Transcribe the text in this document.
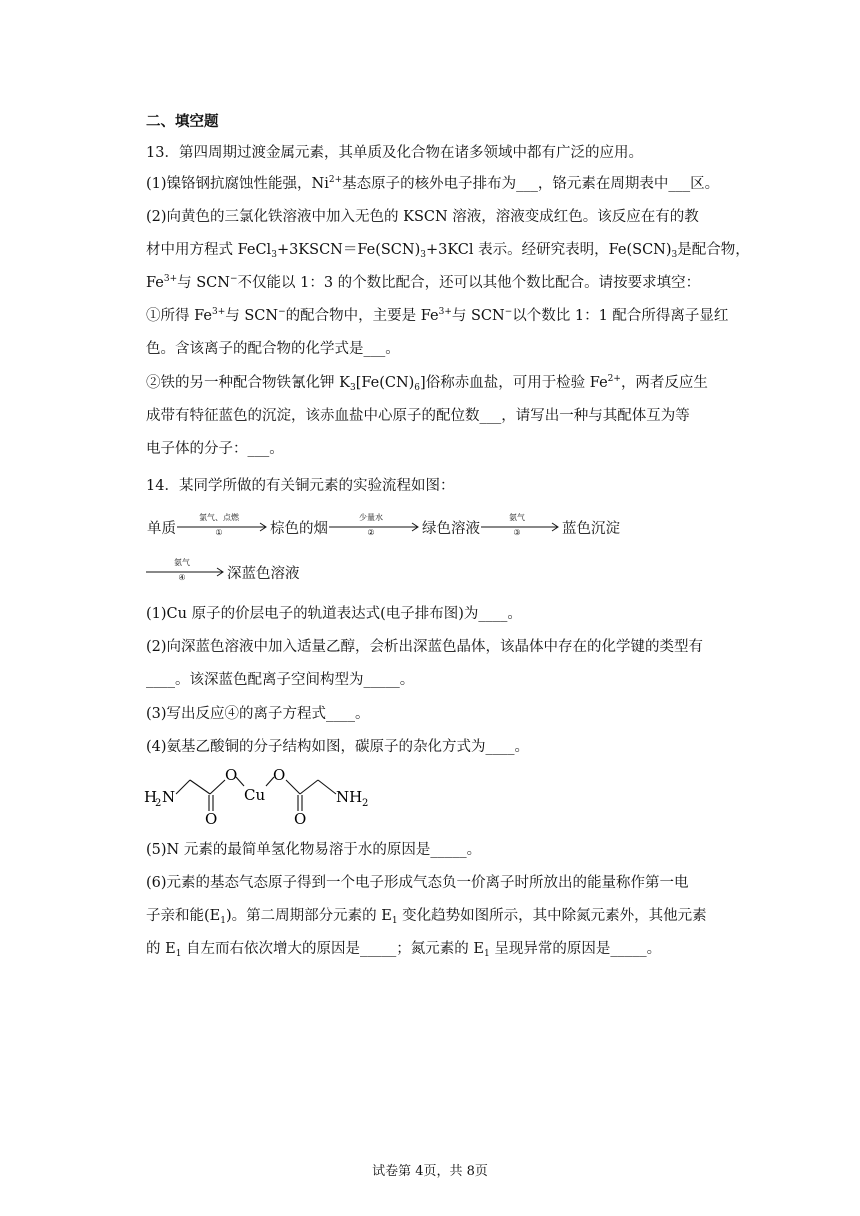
二、填空题
13．第四周期过渡金属元素，其单质及化合物在诸多领域中都有广泛的应用。
(1)镍铬钢抗腐蚀性能强，$Ni^{2+}$基态原子的核外电子排布为___，铬元素在周期表中___区。
(2)向黄色的三氯化铁溶液中加入无色的 KSCN 溶液，溶液变成红色。该反应在有的教
材中用方程式 $FeCl_3+3KSCN=Fe(SCN)_3+3KCl$ 表示。经研究表明，$Fe(SCN)_3$是配合物，
$Fe^{3+}$与 SCN−不仅能以 1：3 的个数比配合，还可以其他个数比配合。请按要求填空：
①所得 $Fe^{3+}$与 SCN−的配合物中，主要是 $Fe^{3+}$与 SCN−以个数比 1：1 配合所得离子显红
色。含该离子的配合物的化学式是___。
②铁的另一种配合物铁氰化钾 $K_3[Fe(CN)_6]$俗称赤血盐，可用于检验 $Fe^{2+}$，两者反应生
成带有特征蓝色的沉淀，该赤血盐中心原子的配位数___，请写出一种与其配体互为等
电子体的分子：___。
14．某同学所做的有关铜元素的实验流程如图：
单质
氯气、点燃
①	棕色的烟
少量水
②	绿色溶液
氨气
③	蓝色沉淀
氨气
④	深蓝色溶液
(1)Cu 原子的价层电子的轨道表达式(电子排布图)为____。
(2)向深蓝色溶液中加入适量乙醇，会析出深蓝色晶体，该晶体中存在的化学键的类型有
____。该深蓝色配离子空间构型为_____。
(3)写出反应④的离子方程式____。
(4)氨基乙酸铜的分子结构如图，碳原子的杂化方式为____。
H
2 N
O
O
Cu
O
O
NH 2
(5)N 元素的最简单氢化物易溶于水的原因是_____。
(6)元素的基态气态原子得到一个电子形成气态负一价离子时所放出的能量称作第一电
子亲和能$(E_1)$。第二周期部分元素的 $E_1$ 变化趋势如图所示，其中除氮元素外，其他元素
的 $E_1$ 自左而右依次增大的原因是_____；氮元素的 $E_1$ 呈现异常的原因是_____。
试卷第 4页，共 8页
